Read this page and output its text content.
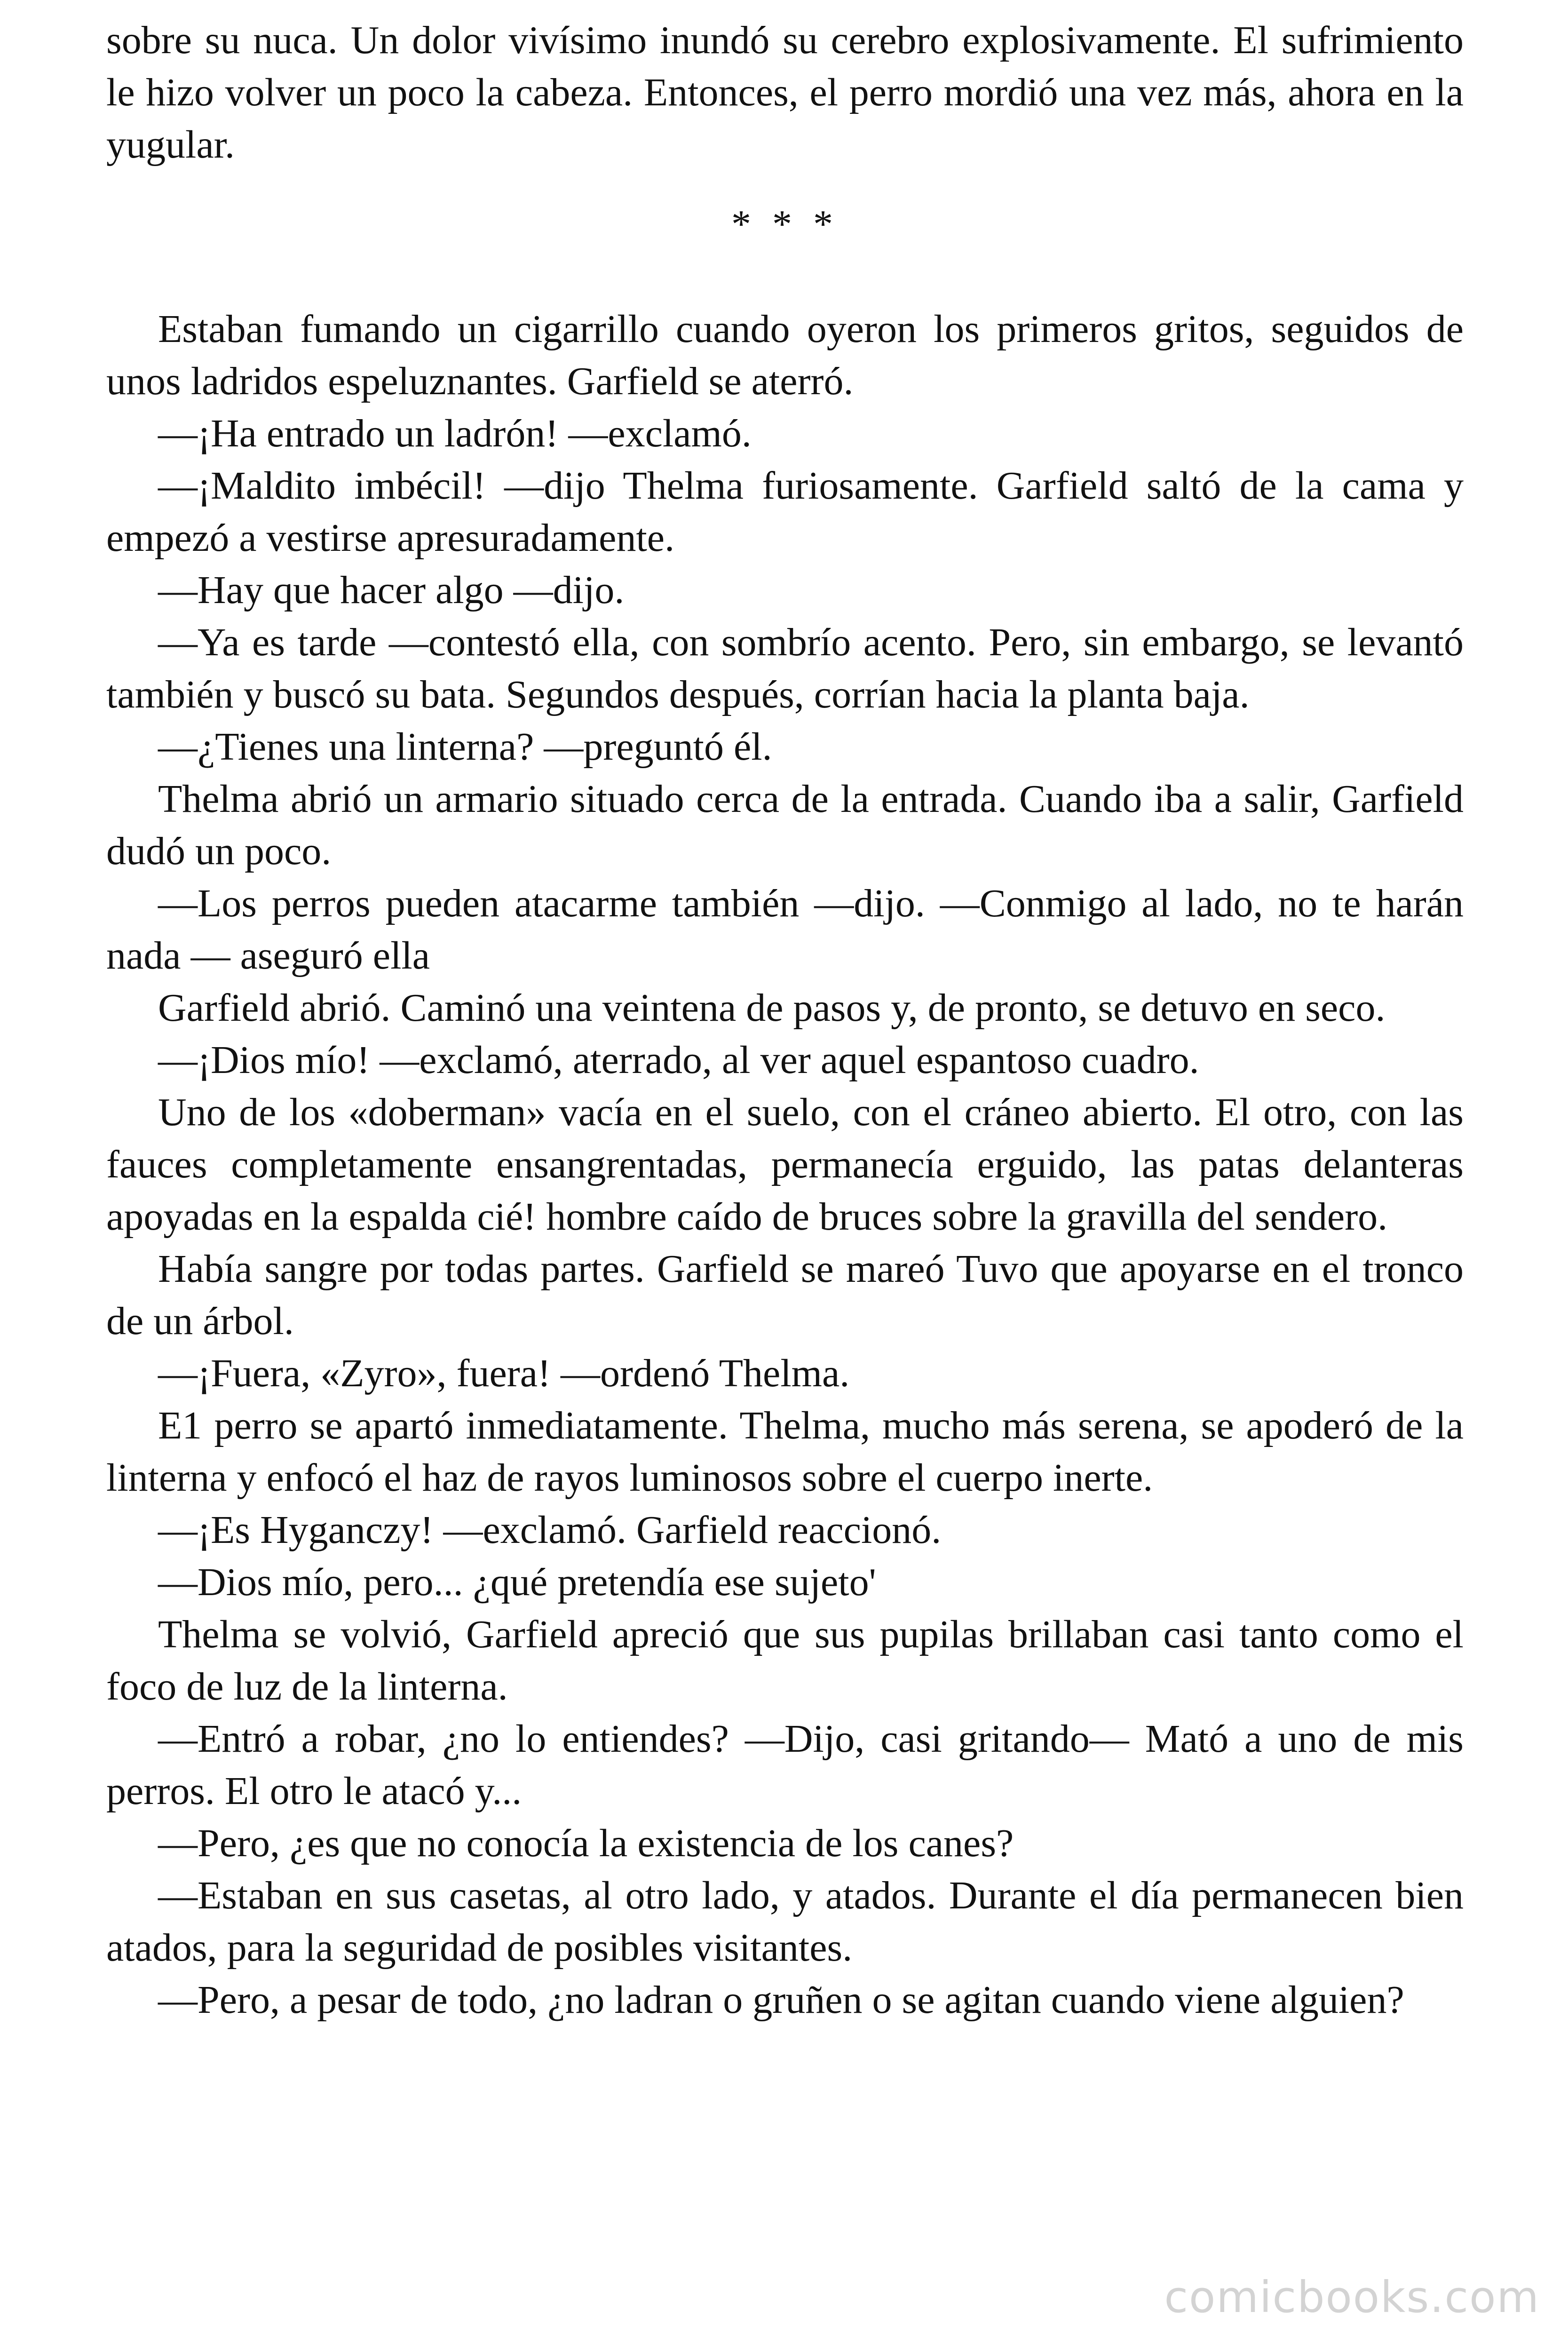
sobre su nuca. Un dolor vivísimo inundó su cerebro explosivamente. El sufrimiento le hizo volver un poco la cabeza. Entonces, el perro mordió una vez más, ahora en la yugular.

* * *

Estaban fumando un cigarrillo cuando oyeron los primeros gritos, seguidos de unos ladridos espeluznantes. Garfield se aterró.

—¡Ha entrado un ladrón! —exclamó.

—¡Maldito imbécil! —dijo Thelma furiosamente. Garfield saltó de la cama y empezó a vestirse apresuradamente.

—Hay que hacer algo —dijo.

—Ya es tarde —contestó ella, con sombrío acento. Pero, sin embargo, se levantó también y buscó su bata. Segundos después, corrían hacia la planta baja.

—¿Tienes una linterna? —preguntó él.

Thelma abrió un armario situado cerca de la entrada. Cuando iba a salir, Garfield dudó un poco.

—Los perros pueden atacarme también —dijo. —Conmigo al lado, no te harán nada — aseguró ella

Garfield abrió. Caminó una veintena de pasos y, de pronto, se detuvo en seco.

—¡Dios mío! —exclamó, aterrado, al ver aquel espantoso cuadro.

Uno de los «doberman» vacía en el suelo, con el cráneo abierto. El otro, con las fauces completamente ensangrentadas, permanecía erguido, las patas delanteras apoyadas en la espalda cié! hombre caído de bruces sobre la gravilla del sendero.

Había sangre por todas partes. Garfield se mareó Tuvo que apoyarse en el tronco de un árbol.

—¡Fuera, «Zyro», fuera! —ordenó Thelma.

E1 perro se apartó inmediatamente. Thelma, mucho más serena, se apoderó de la linterna y enfocó el haz de rayos luminosos sobre el cuerpo inerte.

—¡Es Hyganczy! —exclamó. Garfield reaccionó.

—Dios mío, pero... ¿qué pretendía ese sujeto'

Thelma se volvió, Garfield apreció que sus pupilas brillaban casi tanto como el foco de luz de la linterna.

—Entró a robar, ¿no lo entiendes? —Dijo, casi gritando— Mató a uno de mis perros. El otro le atacó y...

—Pero, ¿es que no conocía la existencia de los canes?

—Estaban en sus casetas, al otro lado, y atados. Durante el día permanecen bien atados, para la seguridad de posibles visitantes.

—Pero, a pesar de todo, ¿no ladran o gruñen o se agitan cuando viene alguien?

comicbooks.com
